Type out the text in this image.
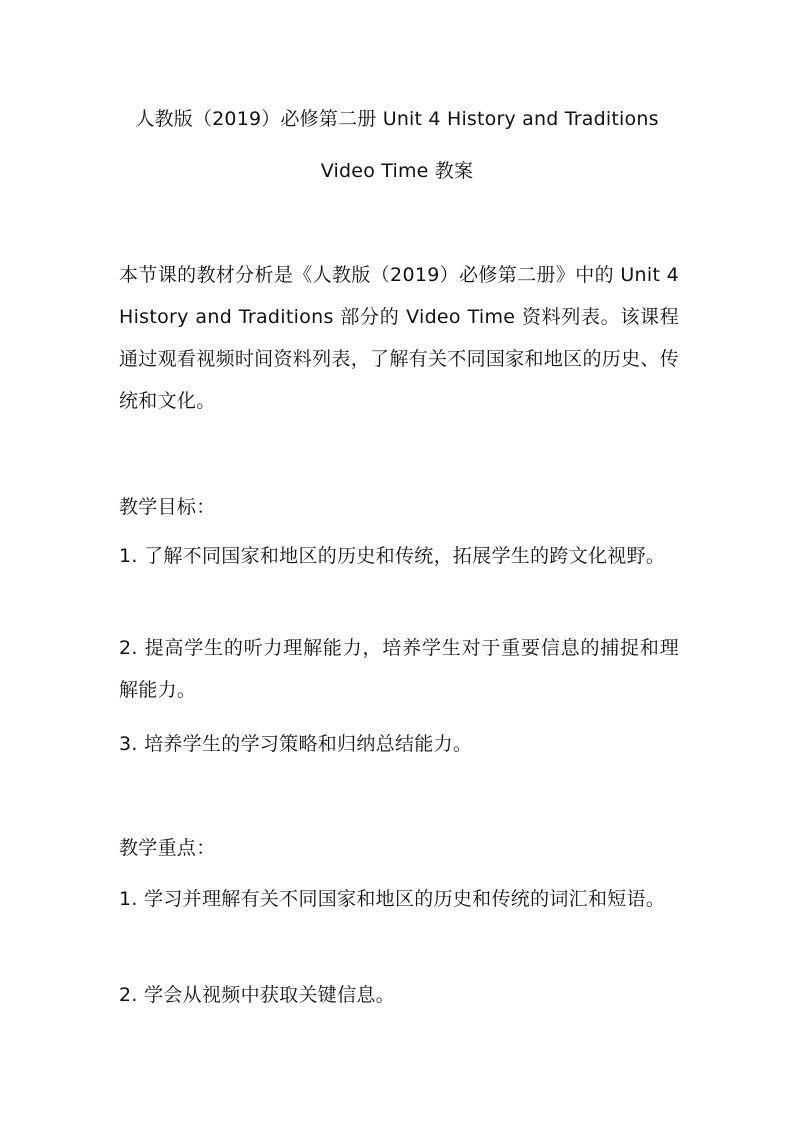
人教版（2019）必修第二册 Unit 4 History and Traditions
Video Time 教案
本节课的教材分析是《人教版（2019）必修第二册》中的 Unit 4 History and Traditions 部分的 Video Time 资料列表。该课程通过观看视频时间资料列表，了解有关不同国家和地区的历史、传统和文化。
教学目标：
1. 了解不同国家和地区的历史和传统，拓展学生的跨文化视野。
2. 提高学生的听力理解能力，培养学生对于重要信息的捕捉和理解能力。
3. 培养学生的学习策略和归纳总结能力。
教学重点：
1. 学习并理解有关不同国家和地区的历史和传统的词汇和短语。
2. 学会从视频中获取关键信息。
